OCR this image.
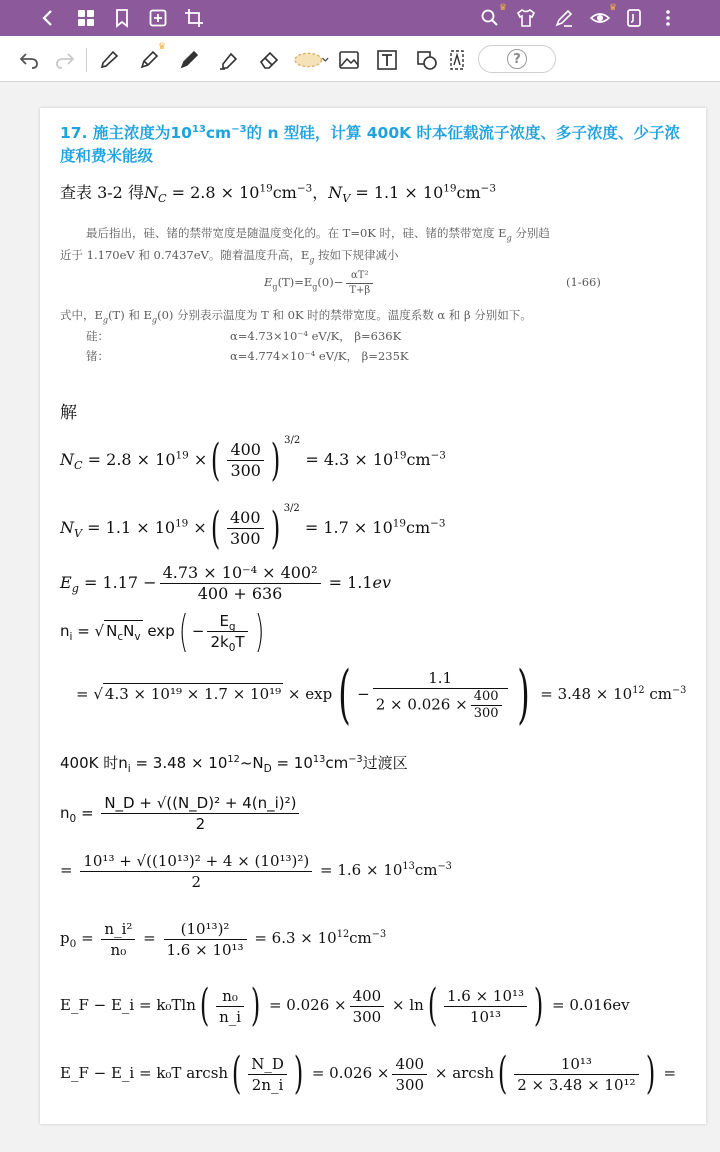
♛	♛
♛
?
17. 施主浓度为$10^{13}cm^{-3}$的 n 型硅，计算 400K 时本征载流子浓度、多子浓度、少子浓度和费米能级
查表 3-2 得$N_C = 2.8 \times 10^{19}cm^{-3}$，$N_V = 1.1 \times 10^{19}cm^{-3}$

最后指出，硅、锗的禁带宽度是随温度变化的。在 T=0K 时，硅、锗的禁带宽度 $E_g$ 分别趋

近于 1.170eV 和 0.7437eV。随着温度升高，$E_g$ 按如下规律减小

$E_g(T)=E_g(0)- \frac{\text{αT²}}{T+\beta}$	(1-66)

式中，$E_g(T)$ 和 $E_g(0)$ 分别表示温度为 T 和 0K 时的禁带宽度。温度系数 α 和 β 分别如下。

硅：	α=4.73×10⁻⁴ eV/K， β=636K

锗：	α=4.774×10⁻⁴ eV/K， β=235K

解
$N_C = 2.8 \times 10^{19}$ ×( $\frac{400}{300}$ ) $^{3/2} = 4.3 \times 10^{19}cm^{-3}$
$N_V = 1.1 \times 10^{19}$ ×( $\frac{400}{300}$ ) $^{3/2} = 1.7 \times 10^{19}cm^{-3}$
$E_g = 1.17 - \frac{\text{4.73 × 10⁻⁴ × 400²}}{400 + 636} = 1.1ev$
$n_i$ = √ $N_cN_v$ $\exp( - \frac{E_g}{2k_0T}$ )
= √ $4.3 \times 10^{19} \times 1.7 \times 10^{19} \times \exp( - \frac{1.1}{2 \times 0.026 \times \frac{400}{300}}$ ) = $3.48 \times 10^{12}$ $cm^{-3}$
400K 时$n_i = 3.48$ × $10^{12}\sim N_D = 10^{13}cm^{-3}$过渡区
$n_0 = \frac{\text{N\_D + √((N\_D)² + 4(n\_i)²)}}{2}$
= $\frac{\text{10¹³ + √((10¹³)² + 4 × (10¹³)²)}}{2} = 1.6 \times 10^{13}cm^{-3}$
$p_0 = \frac{\text{n\_i²}}{\text{n₀}} = \frac{\text{(10¹³)²}}{\text{1.6 × 10¹³}} = 6.3 \times 10^{12}cm^{-3}$
E_F − E_i = $k_0Tln( \frac{\text{n₀}}{n\_i}$ ) = $0.026 \times \frac{400}{300} \times \ln( \frac{\text{1.6 × 10¹³}}{\text{10¹³}}$ ) = 0.016ev
E_F − E_i = k₀T arcsh( $\frac{N\_D}{2n\_i}$ ) = $0.026 \times \frac{400}{300}$ × arcsh( $\frac{\text{10¹³}}{\text{2 × 3.48 × 10¹²}}$ ) =
